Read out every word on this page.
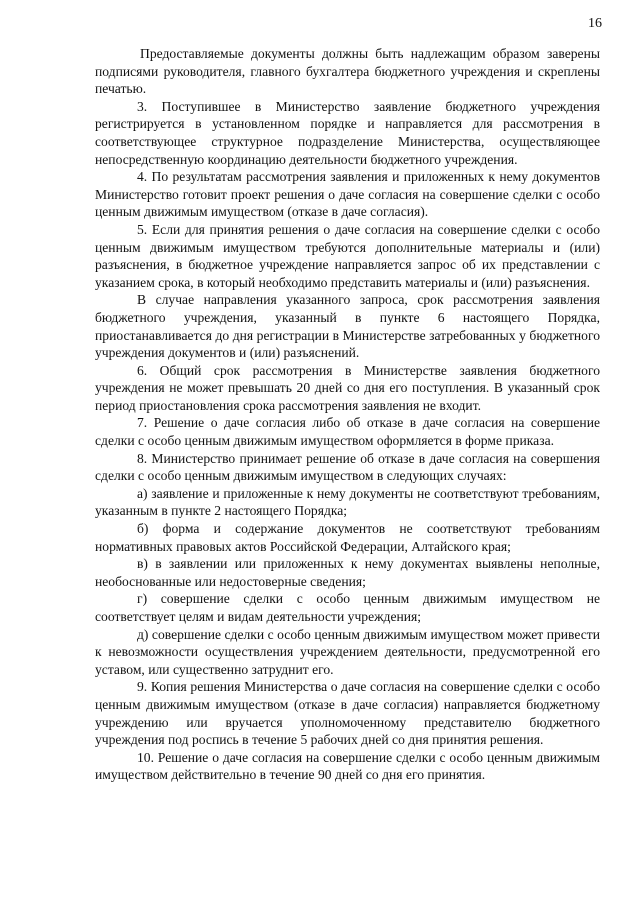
16

Предоставляемые документы должны быть надлежащим образом заверены подписями руководителя, главного бухгалтера бюджетного учреждения и скреплены печатью.

3. Поступившее в Министерство заявление бюджетного учреждения регистрируется в установленном порядке и направляется для рассмотрения в соответствующее структурное подразделение Министерства, осуществляющее непосредственную координацию деятельности бюджетного учреждения.

4. По результатам рассмотрения заявления и приложенных к нему документов Министерство готовит проект решения о даче согласия на совершение сделки с особо ценным движимым имуществом (отказе в даче согласия).

5. Если для принятия решения о даче согласия на совершение сделки с особо ценным движимым имуществом требуются дополнительные материалы и (или) разъяснения, в бюджетное учреждение направляется запрос об их представлении с указанием срока, в который необходимо представить материалы и (или) разъяснения.

В случае направления указанного запроса, срок рассмотрения заявления бюджетного учреждения, указанный в пункте 6 настоящего Порядка, приостанавливается до дня регистрации в Министерстве затребованных у бюджетного учреждения документов и (или) разъяснений.

6. Общий срок рассмотрения в Министерстве заявления бюджетного учреждения не может превышать 20 дней со дня его поступления. В указанный срок период приостановления срока рассмотрения заявления не входит.

7. Решение о даче согласия либо об отказе в даче согласия на совершение сделки с особо ценным движимым имуществом оформляется в форме приказа.

8. Министерство принимает решение об отказе в даче согласия на совершения сделки с особо ценным движимым имуществом в следующих случаях:

а) заявление и приложенные к нему документы не соответствуют требованиям, указанным в пункте 2 настоящего Порядка;

б) форма и содержание документов не соответствуют требованиям нормативных правовых актов Российской Федерации, Алтайского края;

в) в заявлении или приложенных к нему документах выявлены неполные, необоснованные или недостоверные сведения;

г) совершение сделки с особо ценным движимым имуществом не соответствует целям и видам деятельности учреждения;

д) совершение сделки с особо ценным движимым имуществом может привести к невозможности осуществления учреждением деятельности, предусмотренной его уставом, или существенно затруднит его.

9. Копия решения Министерства о даче согласия на совершение сделки с особо ценным движимым имуществом (отказе в даче согласия) направляется бюджетному учреждению или вручается уполномоченному представителю бюджетного учреждения под роспись в течение 5 рабочих дней со дня принятия решения.

10. Решение о даче согласия на совершение сделки с особо ценным движимым имуществом действительно в течение 90 дней со дня его принятия.
